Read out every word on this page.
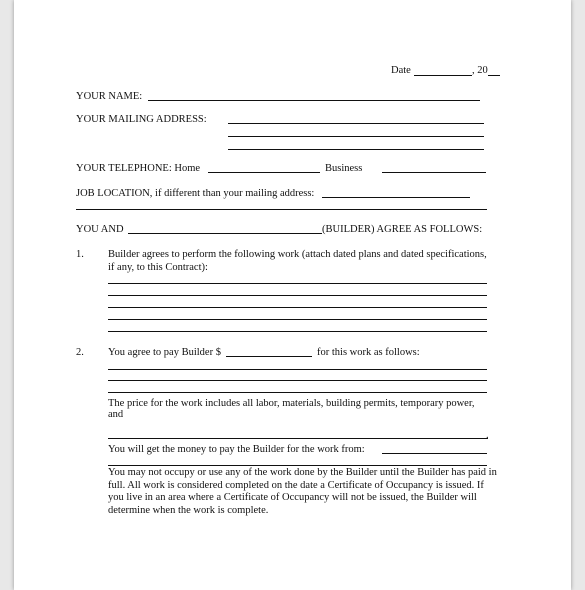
Date	, 20
YOUR NAME:
YOUR MAILING ADDRESS:
YOUR TELEPHONE: Home	Business
JOB LOCATION, if different than your mailing address:
YOU AND	(BUILDER) AGREE AS FOLLOWS:
1. Builder agrees to perform the following work (attach dated plans and dated specifications,
if any, to this Contract):
2. You agree to pay Builder $	for this work as follows:
The price for the work includes all labor, materials, building permits, temporary power,
and
.
You will get the money to pay the Builder for the work from:
You may not occupy or use any of the work done by the Builder until the Builder has paid in full. All work is considered completed on the date a Certificate of Occupancy is issued. If you live in an area where a Certificate of Occupancy will not be issued, the Builder will determine when the work is complete.
